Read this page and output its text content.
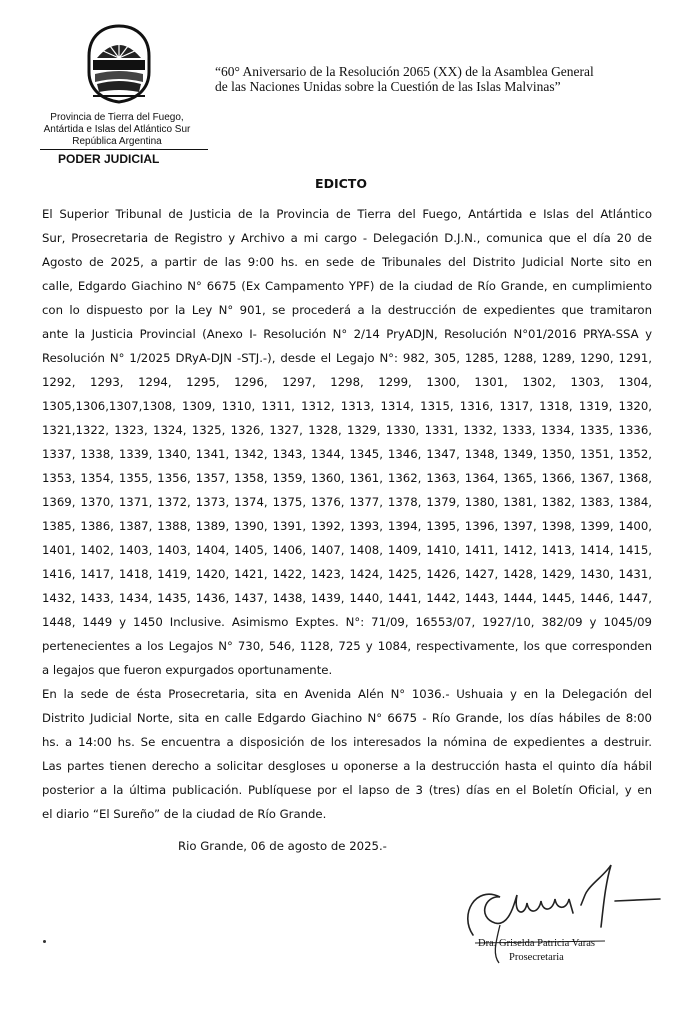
Provincia de Tierra del Fuego,
Antártida e Islas del Atlántico Sur
República Argentina
PODER JUDICIAL
“60° Aniversario de la Resolución 2065 (XX) de la Asamblea General
de las Naciones Unidas sobre la Cuestión de las Islas Malvinas”
EDICTO
El Superior Tribunal de Justicia de la Provincia de Tierra del Fuego, Antártida e Islas del Atlántico
Sur, Prosecretaria de Registro y Archivo a mi cargo - Delegación D.J.N., comunica que el día 20 de
Agosto de 2025, a partir de las 9:00 hs. en sede de Tribunales del Distrito Judicial Norte sito en
calle, Edgardo Giachino N° 6675 (Ex Campamento YPF) de la ciudad de Río Grande, en cumplimiento
con lo dispuesto por la Ley N° 901, se procederá a la destrucción de expedientes que tramitaron
ante la Justicia Provincial (Anexo I- Resolución N° 2/14 PryADJN, Resolución N°01/2016 PRYA-SSA y
Resolución N° 1/2025 DRyA-DJN -STJ.-), desde el Legajo N°: 982, 305, 1285, 1288, 1289, 1290, 1291,
1292, 1293, 1294, 1295, 1296, 1297, 1298, 1299, 1300, 1301, 1302, 1303, 1304,
1305,1306,1307,1308, 1309, 1310, 1311, 1312, 1313, 1314, 1315, 1316, 1317, 1318, 1319, 1320,
1321,1322, 1323, 1324, 1325, 1326, 1327, 1328, 1329, 1330, 1331, 1332, 1333, 1334, 1335, 1336,
1337, 1338, 1339, 1340, 1341, 1342, 1343, 1344, 1345, 1346, 1347, 1348, 1349, 1350, 1351, 1352,
1353, 1354, 1355, 1356, 1357, 1358, 1359, 1360, 1361, 1362, 1363, 1364, 1365, 1366, 1367, 1368,
1369, 1370, 1371, 1372, 1373, 1374, 1375, 1376, 1377, 1378, 1379, 1380, 1381, 1382, 1383, 1384,
1385, 1386, 1387, 1388, 1389, 1390, 1391, 1392, 1393, 1394, 1395, 1396, 1397, 1398, 1399, 1400,
1401, 1402, 1403, 1403, 1404, 1405, 1406, 1407, 1408, 1409, 1410, 1411, 1412, 1413, 1414, 1415,
1416, 1417, 1418, 1419, 1420, 1421, 1422, 1423, 1424, 1425, 1426, 1427, 1428, 1429, 1430, 1431,
1432, 1433, 1434, 1435, 1436, 1437, 1438, 1439, 1440, 1441, 1442, 1443, 1444, 1445, 1446, 1447,
1448, 1449 y 1450 Inclusive. Asimismo Exptes. N°: 71/09, 16553/07, 1927/10, 382/09 y 1045/09
pertenecientes a los Legajos N° 730, 546, 1128, 725 y 1084, respectivamente, los que corresponden
a legajos que fueron expurgados oportunamente.
En la sede de ésta Prosecretaria, sita en Avenida Alén N° 1036.- Ushuaia y en la Delegación del
Distrito Judicial Norte, sita en calle Edgardo Giachino N° 6675 - Río Grande, los días hábiles de 8:00
hs. a 14:00 hs. Se encuentra a disposición de los interesados la nómina de expedientes a destruir.
Las partes tienen derecho a solicitar desgloses u oponerse a la destrucción hasta el quinto día hábil
posterior a la última publicación. Publíquese por el lapso de 3 (tres) días en el Boletín Oficial, y en
el diario “El Sureño” de la ciudad de Río Grande.
Rio Grande, 06 de agosto de 2025.-
Dra. Griselda Patricia Varas
Prosecretaria
